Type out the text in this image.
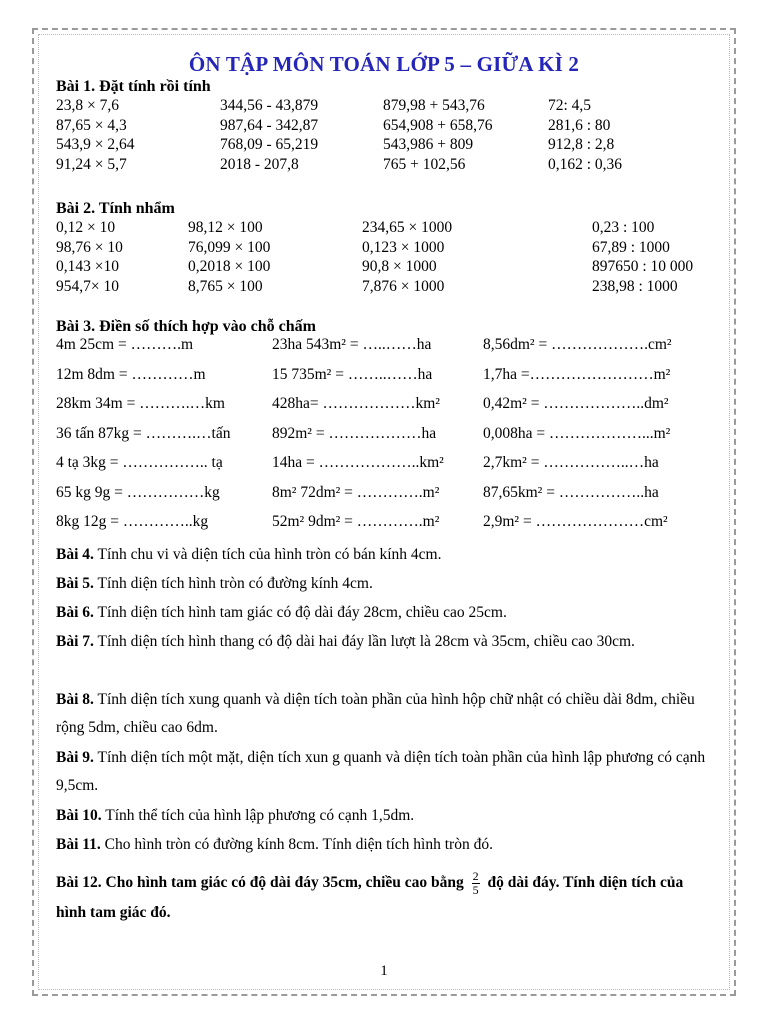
ÔN TẬP MÔN TOÁN LỚP 5 – GIỮA KÌ 2
Bài 1. Đặt tính rồi tính
23,8 × 7,6	344,56 - 43,879	879,98 + 543,76	72: 4,5
87,65 × 4,3	987,64 - 342,87	654,908 + 658,76	281,6 : 80
543,9 × 2,64	768,09 - 65,219	543,986 + 809	912,8 : 2,8
91,24 × 5,7	2018 - 207,8	765 + 102,56	0,162 : 0,36
Bài 2. Tính nhẩm
0,12 × 10	98,12 × 100	234,65 × 1000	0,23 : 100
98,76 × 10	76,099 × 100	0,123 × 1000	67,89 : 1000
0,143 ×10	0,2018 × 100	90,8 × 1000	897650 : 10 000
954,7× 10	8,765 × 100	7,876 × 1000	238,98 : 1000
Bài 3. Điền số thích hợp vào chỗ chấm
4m 25cm = ……….m	23ha 543m² = …..……ha	8,56dm² = ……………….cm²
12m 8dm = …………m	15 735m² = ……..……ha	1,7ha =……………………m²
28km 34m = ……….…km	428ha= ………………km²	0,42m² = ………………..dm²
36 tấn 87kg = ……….…tấn	892m² = ………………ha	0,008ha = ………………...m²
4 tạ 3kg = …………….. tạ	14ha = ………………..km²	2,7km² = ……………..…ha
65 kg 9g = ……………kg	8m² 72dm² = ………….m²	87,65km² = ……………..ha
8kg 12g = …………..kg	52m² 9dm² = ………….m²	2,9m² = …………………cm²
Bài 4. Tính chu vi và diện tích của hình tròn có bán kính 4cm.
Bài 5. Tính diện tích hình tròn có đường kính 4cm.
Bài 6. Tính diện tích hình tam giác có độ dài đáy 28cm, chiều cao 25cm.
Bài 7. Tính diện tích hình thang có độ dài hai đáy lần lượt là 28cm và 35cm, chiều cao 30cm.
Bài 8. Tính diện tích xung quanh và diện tích toàn phần của hình hộp chữ nhật có chiều dài 8dm, chiều rộng 5dm, chiều cao 6dm.
Bài 9. Tính diện tích một mặt, diện tích xun g quanh và diện tích toàn phần của hình lập phương có cạnh 9,5cm.
Bài 10. Tính thể tích của hình lập phương có cạnh 1,5dm.
Bài 11. Cho hình tròn có đường kính 8cm. Tính diện tích hình tròn đó.
Bài 12. Cho hình tam giác có độ dài đáy 35cm, chiều cao bằng $\frac{2}{5}$ độ dài đáy. Tính diện tích của hình tam giác đó.
1
